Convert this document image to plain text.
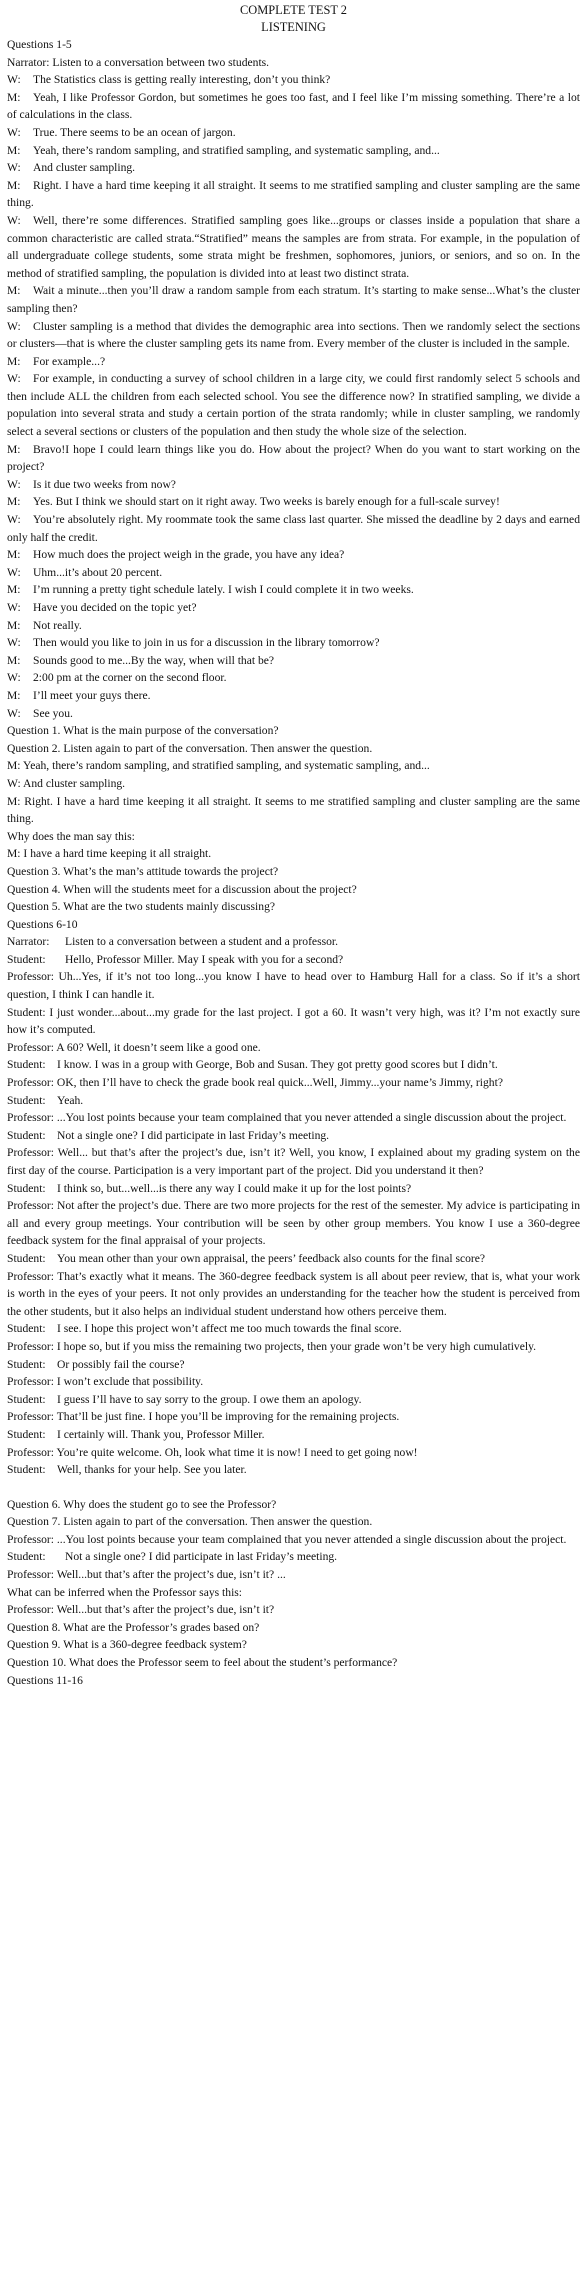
COMPLETE TEST 2
LISTENING

Questions 1-5

Narrator: Listen to a conversation between two students.

W: The Statistics class is getting really interesting, don’t you think?

M: Yeah, I like Professor Gordon, but sometimes he goes too fast, and I feel like I’m missing something. There’re a lot of calculations in the class.

W: True. There seems to be an ocean of jargon.

M: Yeah, there’s random sampling, and stratified sampling, and systematic sampling, and...

W: And cluster sampling.

M: Right. I have a hard time keeping it all straight. It seems to me stratified sampling and cluster sampling are the same thing.

W: Well, there’re some differences. Stratified sampling goes like...groups or classes inside a population that share a common characteristic are called strata.“Stratified” means the samples are from strata. For example, in the population of all undergraduate college students, some strata might be freshmen, sophomores, juniors, or seniors, and so on. In the method of stratified sampling, the population is divided into at least two distinct strata.

M: Wait a minute...then you’ll draw a random sample from each stratum. It’s starting to make sense...What’s the cluster sampling then?

W: Cluster sampling is a method that divides the demographic area into sections. Then we randomly select the sections or clusters—that is where the cluster sampling gets its name from. Every member of the cluster is included in the sample.

M: For example...?

W: For example, in conducting a survey of school children in a large city, we could first randomly select 5 schools and then include ALL the children from each selected school. You see the difference now? In stratified sampling, we divide a population into several strata and study a certain portion of the strata randomly; while in cluster sampling, we randomly select a several sections or clusters of the population and then study the whole size of the selection.

M: Bravo!I hope I could learn things like you do. How about the project? When do you want to start working on the project?

W: Is it due two weeks from now?

M: Yes. But I think we should start on it right away. Two weeks is barely enough for a full-scale survey!

W: You’re absolutely right. My roommate took the same class last quarter. She missed the deadline by 2 days and earned only half the credit.

M: How much does the project weigh in the grade, you have any idea?

W: Uhm...it’s about 20 percent.

M: I’m running a pretty tight schedule lately. I wish I could complete it in two weeks.

W: Have you decided on the topic yet?

M: Not really.

W: Then would you like to join in us for a discussion in the library tomorrow?

M: Sounds good to me...By the way, when will that be?

W: 2:00 pm at the corner on the second floor.

M: I’ll meet your guys there.

W: See you.

Question 1. What is the main purpose of the conversation?

Question 2. Listen again to part of the conversation. Then answer the question.

M: Yeah, there’s random sampling, and stratified sampling, and systematic sampling, and...

W: And cluster sampling.

M: Right. I have a hard time keeping it all straight. It seems to me stratified sampling and cluster sampling are the same thing.

Why does the man say this:

M: I have a hard time keeping it all straight.

Question 3. What’s the man’s attitude towards the project?

Question 4. When will the students meet for a discussion about the project?

Question 5. What are the two students mainly discussing?

Questions 6-10

Narrator: Listen to a conversation between a student and a professor.

Student: Hello, Professor Miller. May I speak with you for a second?

Professor: Uh...Yes, if it’s not too long...you know I have to head over to Hamburg Hall for a class. So if it’s a short question, I think I can handle it.

Student: I just wonder...about...my grade for the last project. I got a 60. It wasn’t very high, was it? I’m not exactly sure how it’s computed.

Professor: A 60? Well, it doesn’t seem like a good one.

Student: I know. I was in a group with George, Bob and Susan. They got pretty good scores but I didn’t.

Professor: OK, then I’ll have to check the grade book real quick...Well, Jimmy...your name’s Jimmy, right?

Student: Yeah.

Professor: ...You lost points because your team complained that you never attended a single discussion about the project.

Student: Not a single one? I did participate in last Friday’s meeting.

Professor: Well... but that’s after the project’s due, isn’t it? Well, you know, I explained about my grading system on the first day of the course. Participation is a very important part of the project. Did you understand it then?

Student: I think so, but...well...is there any way I could make it up for the lost points?

Professor: Not after the project’s due. There are two more projects for the rest of the semester. My advice is participating in all and every group meetings. Your contribution will be seen by other group members. You know I use a 360-degree feedback system for the final appraisal of your projects.

Student: You mean other than your own appraisal, the peers’ feedback also counts for the final score?

Professor: That’s exactly what it means. The 360-degree feedback system is all about peer review, that is, what your work is worth in the eyes of your peers. It not only provides an understanding for the teacher how the student is perceived from the other students, but it also helps an individual student understand how others perceive them.

Student: I see. I hope this project won’t affect me too much towards the final score.

Professor: I hope so, but if you miss the remaining two projects, then your grade won’t be very high cumulatively.

Student: Or possibly fail the course?

Professor: I won’t exclude that possibility.

Student: I guess I’ll have to say sorry to the group. I owe them an apology.

Professor: That’ll be just fine. I hope you’ll be improving for the remaining projects.

Student: I certainly will. Thank you, Professor Miller.

Professor: You’re quite welcome. Oh, look what time it is now! I need to get going now!

Student: Well, thanks for your help. See you later.

Question 6. Why does the student go to see the Professor?

Question 7. Listen again to part of the conversation. Then answer the question.

Professor: ...You lost points because your team complained that you never attended a single discussion about the project.

Student: Not a single one? I did participate in last Friday’s meeting.

Professor: Well...but that’s after the project’s due, isn’t it? ...

What can be inferred when the Professor says this:

Professor: Well...but that’s after the project’s due, isn’t it?

Question 8. What are the Professor’s grades based on?

Question 9. What is a 360-degree feedback system?

Question 10. What does the Professor seem to feel about the student’s performance?

Questions 11-16
